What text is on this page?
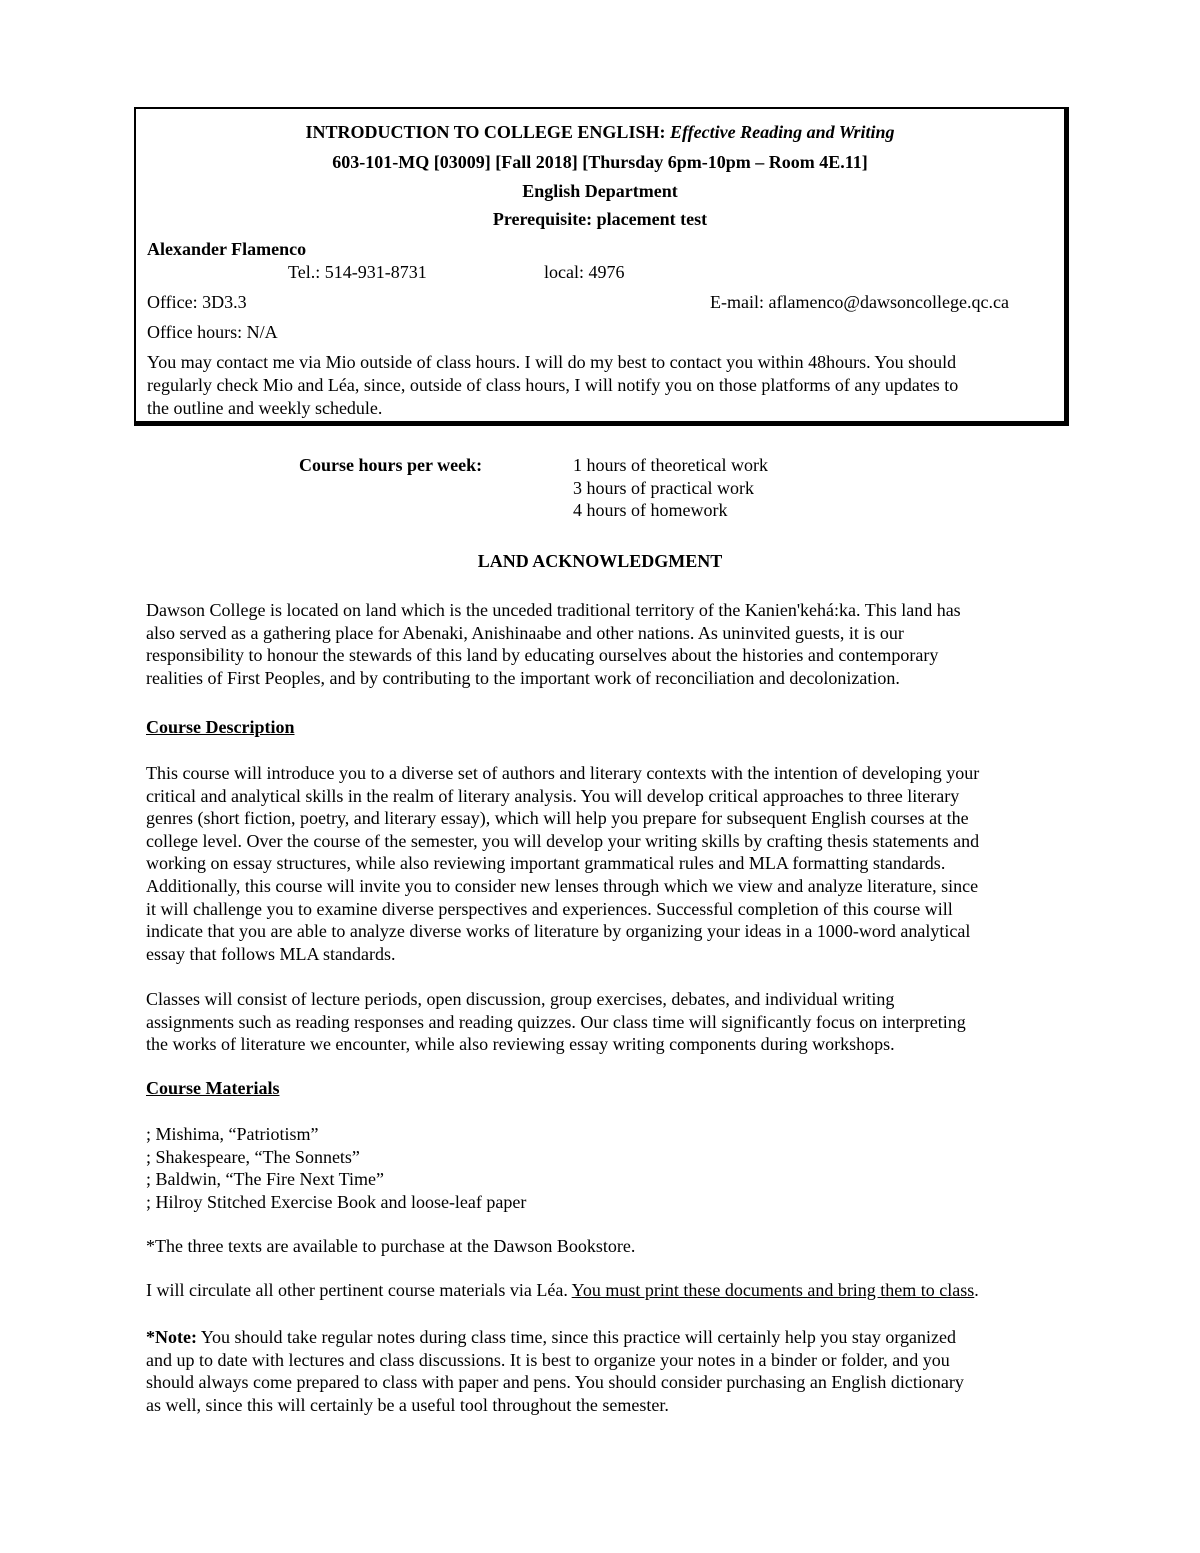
INTRODUCTION TO COLLEGE ENGLISH: Effective Reading and Writing
603-101-MQ [03009] [Fall 2018] [Thursday 6pm-10pm – Room 4E.11]
English Department
Prerequisite: placement test
Alexander Flamenco
Tel.: 514-931-8731	local: 4976
Office: 3D3.3	E-mail: aflamenco@dawsoncollege.qc.ca
Office hours: N/A
You may contact me via Mio outside of class hours. I will do my best to contact you within 48hours. You should
regularly check Mio and Léa, since, outside of class hours, I will notify you on those platforms of any updates to
the outline and weekly schedule.
Course hours per week:	1 hours of theoretical work
3 hours of practical work
4 hours of homework
LAND ACKNOWLEDGMENT
Dawson College is located on land which is the unceded traditional territory of the Kanien'kehá:ka. This land has
also served as a gathering place for Abenaki, Anishinaabe and other nations. As uninvited guests, it is our
responsibility to honour the stewards of this land by educating ourselves about the histories and contemporary
realities of First Peoples, and by contributing to the important work of reconciliation and decolonization.
Course Description
This course will introduce you to a diverse set of authors and literary contexts with the intention of developing your
critical and analytical skills in the realm of literary analysis. You will develop critical approaches to three literary
genres (short fiction, poetry, and literary essay), which will help you prepare for subsequent English courses at the
college level. Over the course of the semester, you will develop your writing skills by crafting thesis statements and
working on essay structures, while also reviewing important grammatical rules and MLA formatting standards.
Additionally, this course will invite you to consider new lenses through which we view and analyze literature, since
it will challenge you to examine diverse perspectives and experiences. Successful completion of this course will
indicate that you are able to analyze diverse works of literature by organizing your ideas in a 1000-word analytical
essay that follows MLA standards.
Classes will consist of lecture periods, open discussion, group exercises, debates, and individual writing
assignments such as reading responses and reading quizzes. Our class time will significantly focus on interpreting
the works of literature we encounter, while also reviewing essay writing components during workshops.
Course Materials
; Mishima, “Patriotism”
; Shakespeare, “The Sonnets”
; Baldwin, “The Fire Next Time”
; Hilroy Stitched Exercise Book and loose-leaf paper
*The three texts are available to purchase at the Dawson Bookstore.
I will circulate all other pertinent course materials via Léa. You must print these documents and bring them to class.
*Note: You should take regular notes during class time, since this practice will certainly help you stay organized
and up to date with lectures and class discussions. It is best to organize your notes in a binder or folder, and you
should always come prepared to class with paper and pens. You should consider purchasing an English dictionary
as well, since this will certainly be a useful tool throughout the semester.
